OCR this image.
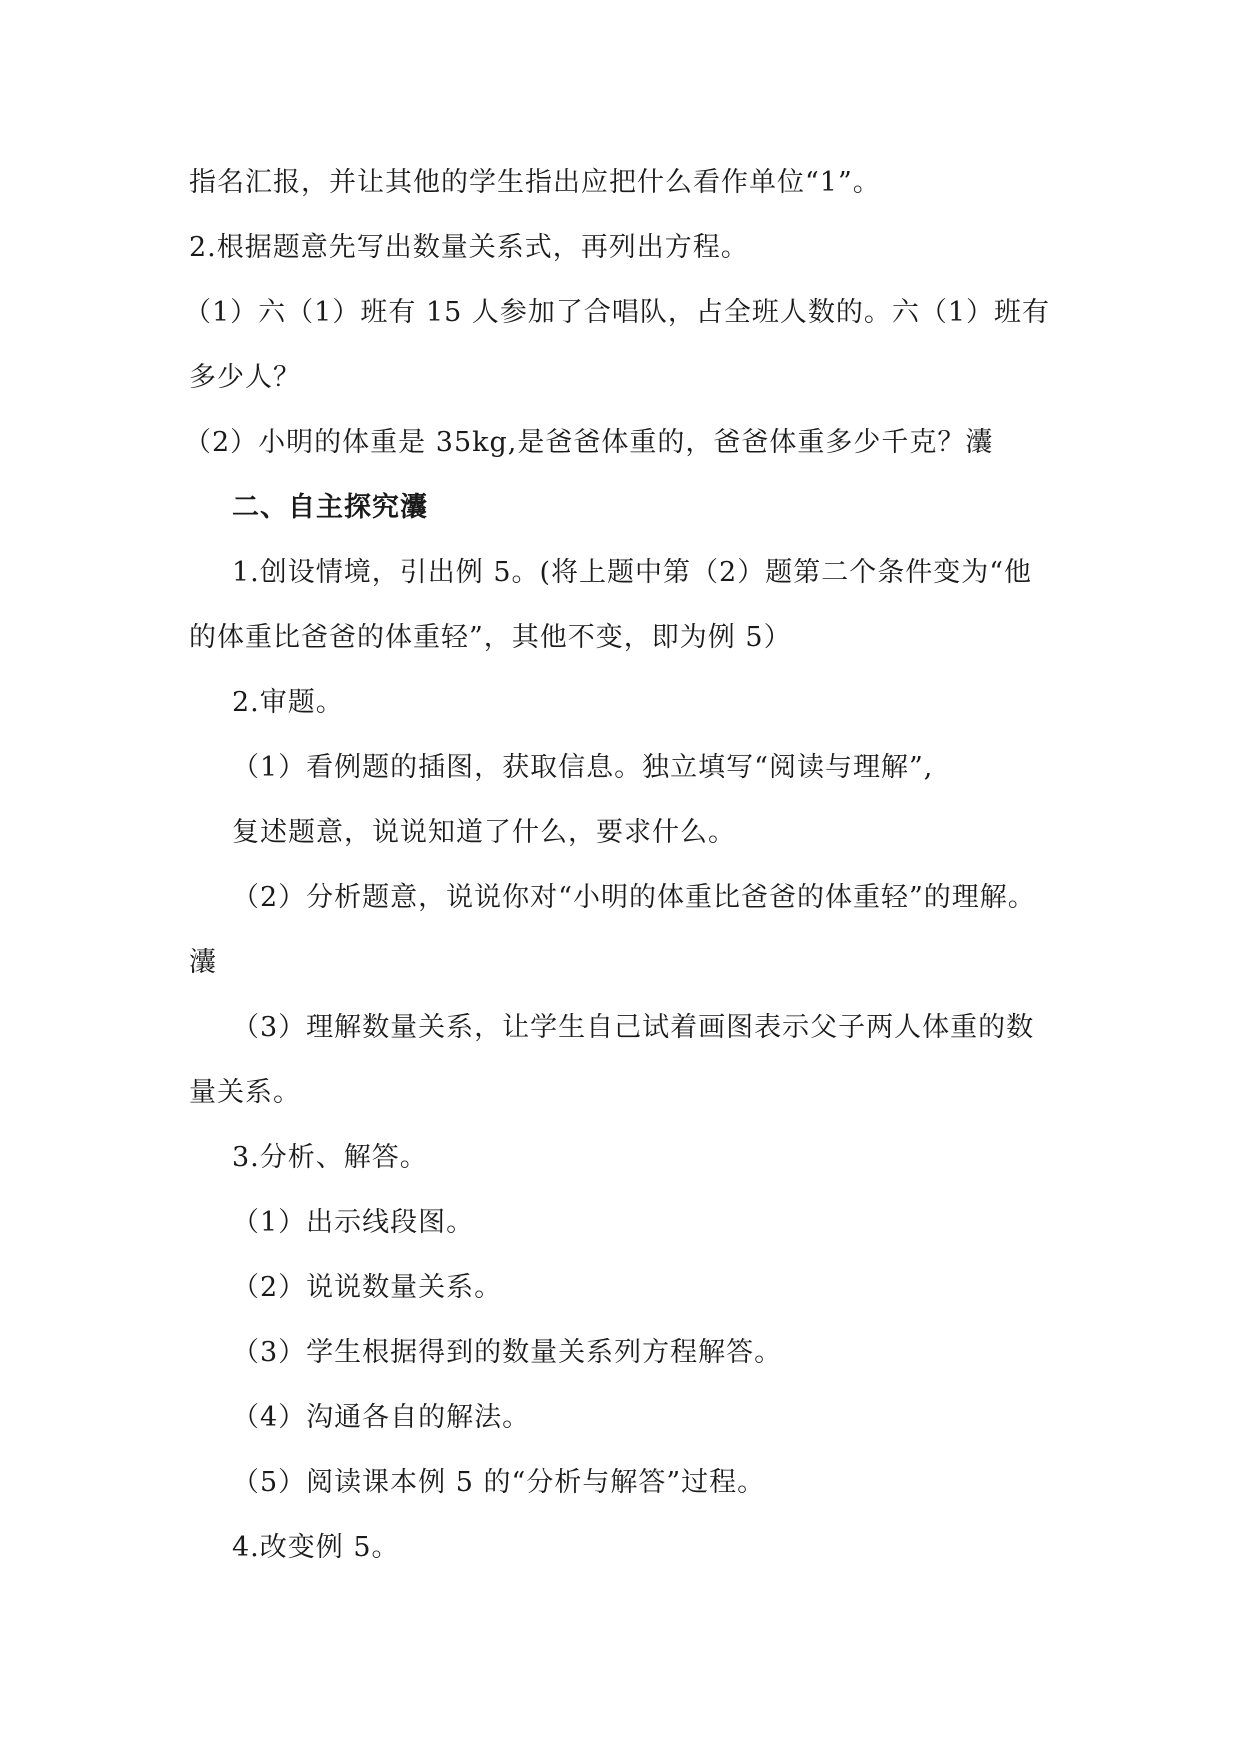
指名汇报，并让其他的学生指出应把什么看作单位“1”。
2.根据题意先写出数量关系式，再列出方程。
（1）六（1）班有 15 人参加了合唱队，占全班人数的。六（1）班有
多少人？
（2）小明的体重是 35kg,是爸爸体重的，爸爸体重多少千克？灢
二、自主探究灢
1.创设情境，引出例 5。(将上题中第（2）题第二个条件变为“他
的体重比爸爸的体重轻”，其他不变，即为例 5）
2.审题。
（1）看例题的插图，获取信息。独立填写“阅读与理解”,
复述题意，说说知道了什么，要求什么。
（2）分析题意，说说你对“小明的体重比爸爸的体重轻”的理解。
灢
（3）理解数量关系，让学生自己试着画图表示父子两人体重的数
量关系。
3.分析、解答。
（1）出示线段图。
（2）说说数量关系。
（3）学生根据得到的数量关系列方程解答。
（4）沟通各自的解法。
（5）阅读课本例 5 的“分析与解答”过程。
4.改变例 5。
